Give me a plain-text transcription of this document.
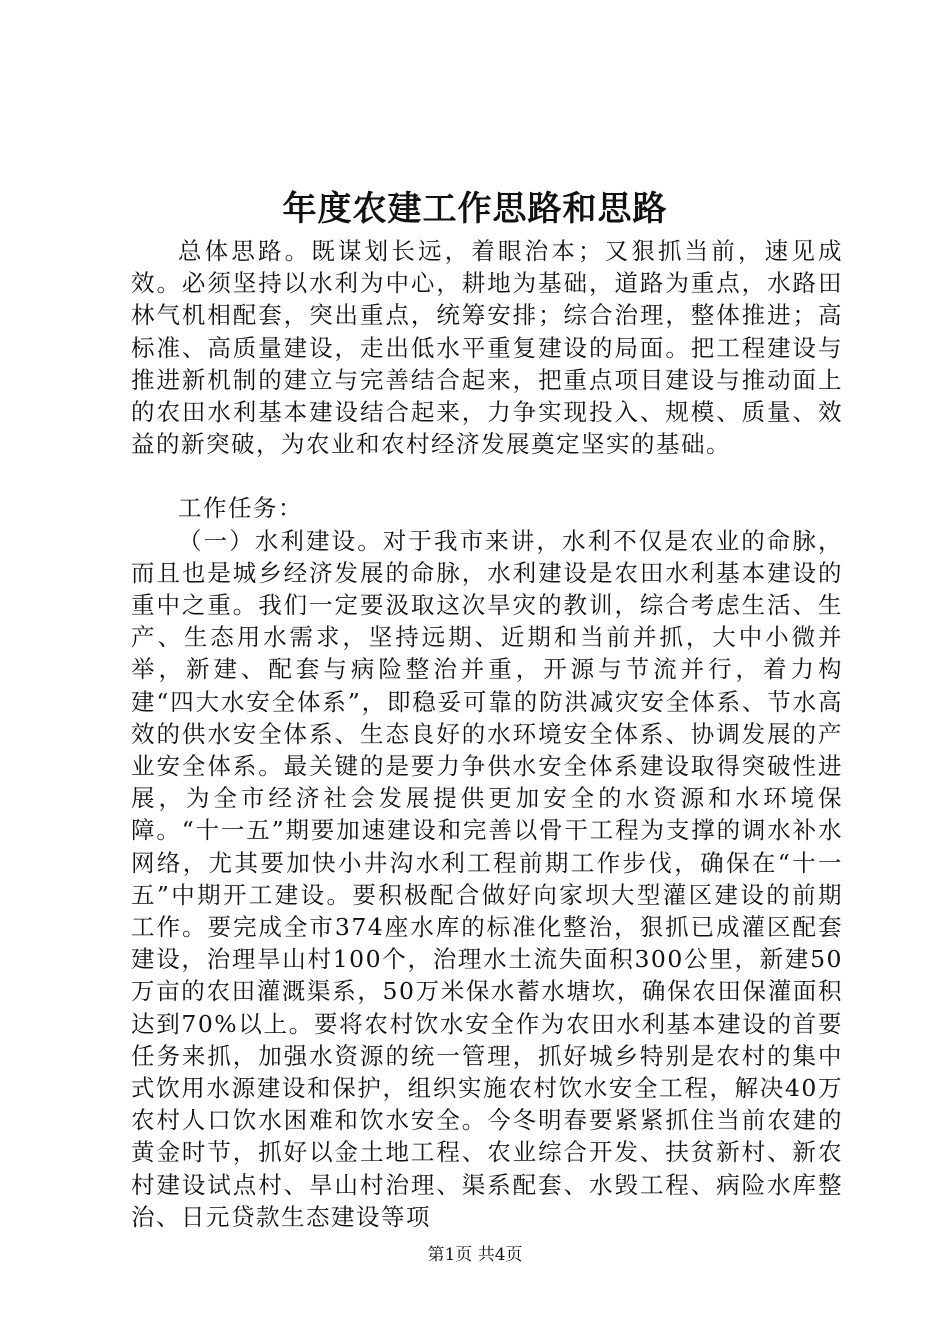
年度农建工作思路和思路

总体思路。既谋划长远，着眼治本；又狠抓当前，速见成效。必须坚持以水利为中心，耕地为基础，道路为重点，水路田林气机相配套，突出重点，统筹安排；综合治理，整体推进；高标准、高质量建设，走出低水平重复建设的局面。把工程建设与推进新机制的建立与完善结合起来，把重点项目建设与推动面上的农田水利基本建设结合起来，力争实现投入、规模、质量、效益的新突破，为农业和农村经济发展奠定坚实的基础。

工作任务：

（一）水利建设。对于我市来讲，水利不仅是农业的命脉，而且也是城乡经济发展的命脉，水利建设是农田水利基本建设的重中之重。我们一定要汲取这次旱灾的教训，综合考虑生活、生产、生态用水需求，坚持远期、近期和当前并抓，大中小微并举，新建、配套与病险整治并重，开源与节流并行，着力构建“四大水安全体系”，即稳妥可靠的防洪减灾安全体系、节水高效的供水安全体系、生态良好的水环境安全体系、协调发展的产业安全体系。最关键的是要力争供水安全体系建设取得突破性进展，为全市经济社会发展提供更加安全的水资源和水环境保障。“十一五”期要加速建设和完善以骨干工程为支撑的调水补水网络，尤其要加快小井沟水利工程前期工作步伐，确保在“十一五”中期开工建设。要积极配合做好向家坝大型灌区建设的前期工作。要完成全市374座水库的标准化整治，狠抓已成灌区配套建设，治理旱山村100个，治理水土流失面积300公里，新建50万亩的农田灌溉渠系，50万米保水蓄水塘坎，确保农田保灌面积达到70%以上。要将农村饮水安全作为农田水利基本建设的首要任务来抓，加强水资源的统一管理，抓好城乡特别是农村的集中式饮用水源建设和保护，组织实施农村饮水安全工程，解决40万农村人口饮水困难和饮水安全。今冬明春要紧紧抓住当前农建的黄金时节，抓好以金土地工程、农业综合开发、扶贫新村、新农村建设试点村、旱山村治理、渠系配套、水毁工程、病险水库整治、日元贷款生态建设等项

第1页 共4页
